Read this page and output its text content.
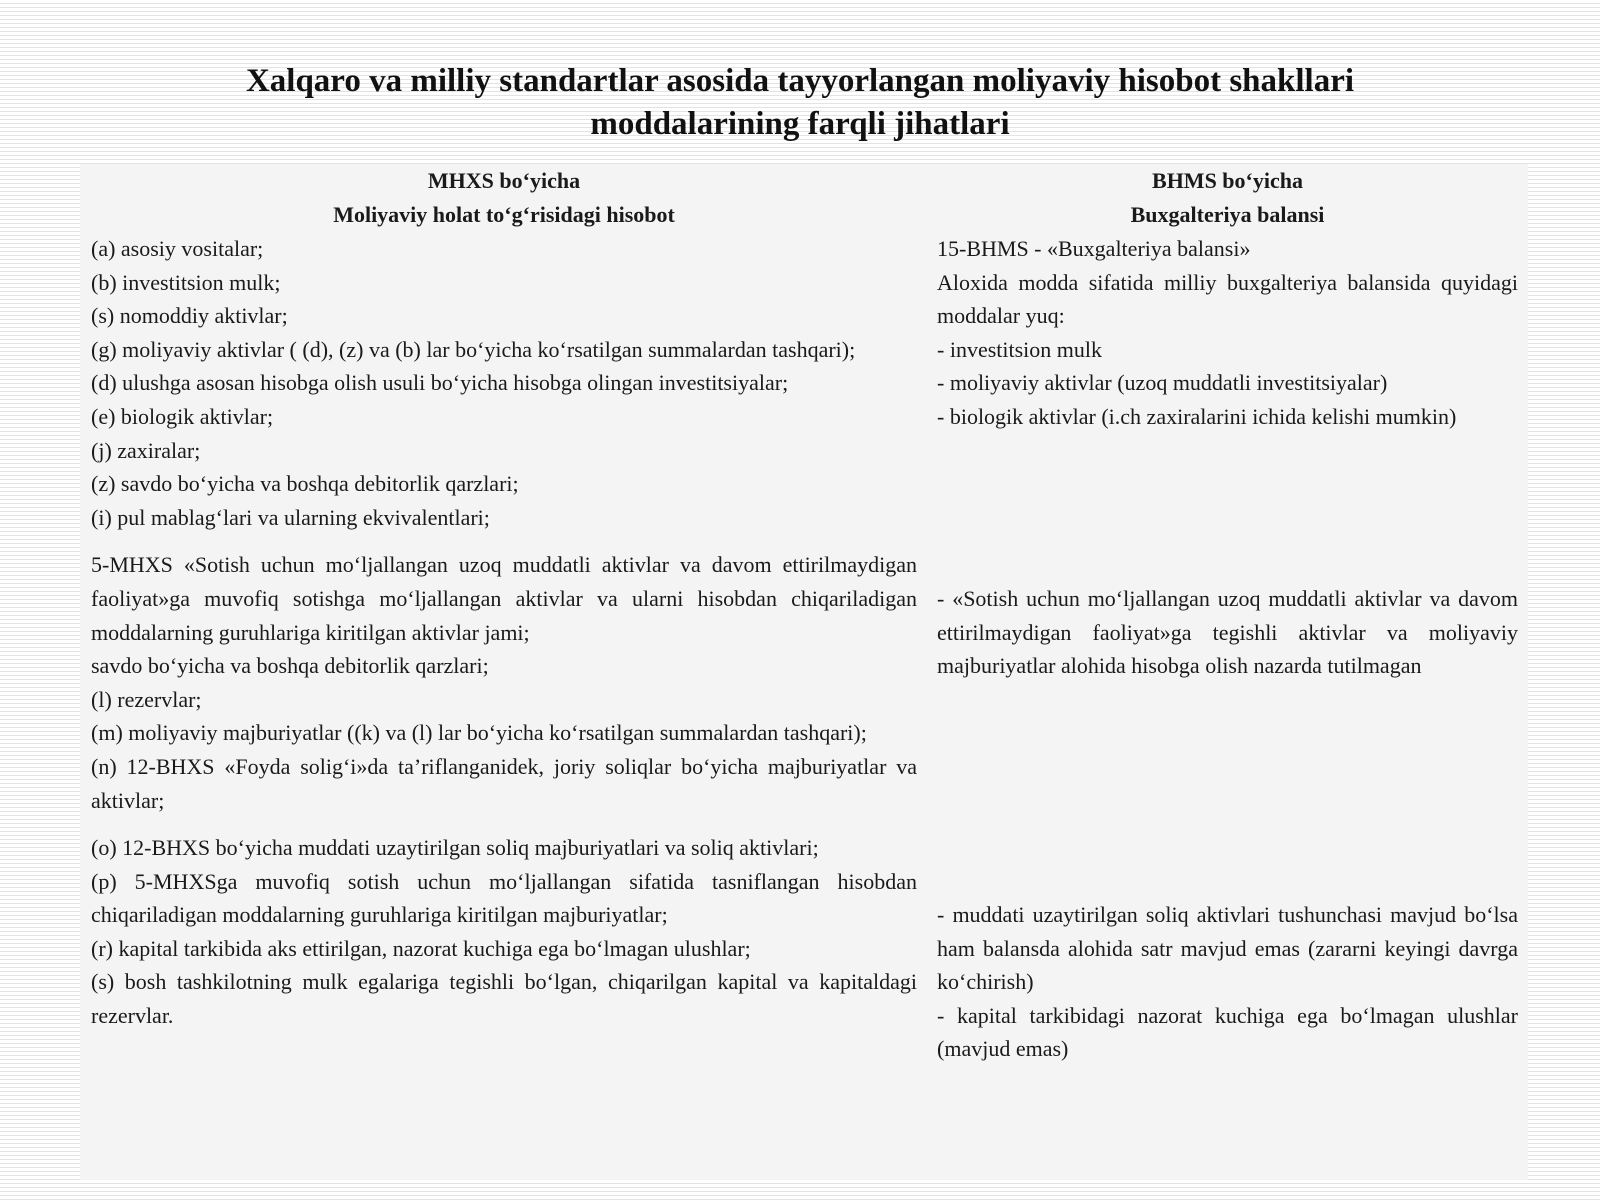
Xalqaro va milliy standartlar asosida tayyorlangan moliyaviy hisobot shakllari
moddalarining farqli jihatlari
MHXS bo‘yicha
Moliyaviy holat to‘g‘risidagi hisobot
(a) asosiy vositalar;
(b) investitsion mulk;
(s) nomoddiy aktivlar;
(g) moliyaviy aktivlar ( (d), (z) va (b) lar bo‘yicha ko‘rsatilgan summalardan tashqari);
(d) ulushga asosan hisobga olish usuli bo‘yicha hisobga olingan investitsiyalar;
(e) biologik aktivlar;
(j) zaxiralar;
(z) savdo bo‘yicha va boshqa debitorlik qarzlari;
(i) pul mablag‘lari va ularning ekvivalentlari;
5-MHXS «Sotish uchun mo‘ljallangan uzoq muddatli aktivlar va davom ettirilmaydigan faoliyat»ga muvofiq sotishga mo‘ljallangan aktivlar va ularni hisobdan chiqariladigan moddalarning guruhlariga kiritilgan aktivlar jami;
savdo bo‘yicha va boshqa debitorlik qarzlari;
(l) rezervlar;
(m) moliyaviy majburiyatlar ((k) va (l) lar bo‘yicha ko‘rsatilgan summalardan tashqari);
(n) 12-BHXS «Foyda solig‘i»da ta’riflanganidek, joriy soliqlar bo‘yicha majburiyatlar va aktivlar;
(o) 12-BHXS bo‘yicha muddati uzaytirilgan soliq majburiyatlari va soliq aktivlari;
(p) 5-MHXSga muvofiq sotish uchun mo‘ljallangan sifatida tasniflangan hisobdan chiqariladigan moddalarning guruhlariga kiritilgan majburiyatlar;
(r) kapital tarkibida aks ettirilgan, nazorat kuchiga ega bo‘lmagan ulushlar;
(s) bosh tashkilotning mulk egalariga tegishli bo‘lgan, chiqarilgan kapital va kapitaldagi rezervlar.
BHMS bo‘yicha
Buxgalteriya balansi
15-BHMS - «Buxgalteriya balansi»
Aloxida modda sifatida milliy buxgalteriya balansida quyidagi moddalar yuq:
- investitsion mulk
- moliyaviy aktivlar (uzoq muddatli investitsiyalar)
- biologik aktivlar (i.ch zaxiralarini ichida kelishi mumkin)
- «Sotish uchun mo‘ljallangan uzoq muddatli aktivlar va davom ettirilmaydigan faoliyat»ga tegishli aktivlar va moliyaviy majburiyatlar alohida hisobga olish nazarda tutilmagan
- muddati uzaytirilgan soliq aktivlari tushunchasi mavjud bo‘lsa ham balansda alohida satr mavjud emas (zararni keyingi davrga ko‘chirish)
- kapital tarkibidagi nazorat kuchiga ega bo‘lmagan ulushlar (mavjud emas)
